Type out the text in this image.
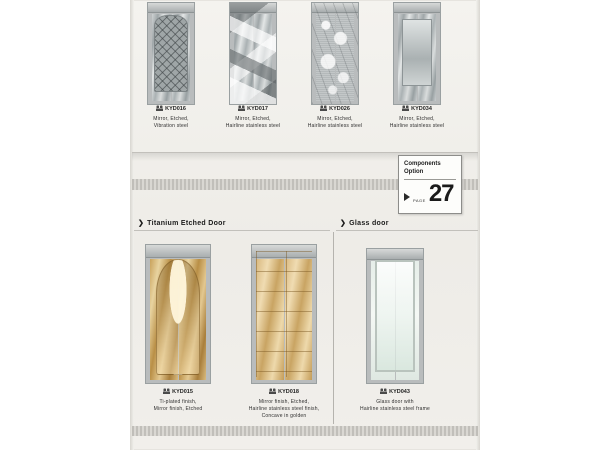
KYD016
Mirror, Etched,
Vibration steel
KYD017
Mirror, Etched,
Hairline stainless steel
KYD026
Mirror, Etched,
Hairline stainless steel
KYD034
Mirror, Etched,
Hairline stainless steel
Components
Option
PAGE 27
❯ Titanium Etched Door	❯ Glass door
KYD015
Ti-plated finish,
Mirror finish, Etched
KYD018
Mirror finish, Etched,
Hairline stainless steel finish,
Concave in golden
KYD043
Glass door with
Hairline stainless steel frame
